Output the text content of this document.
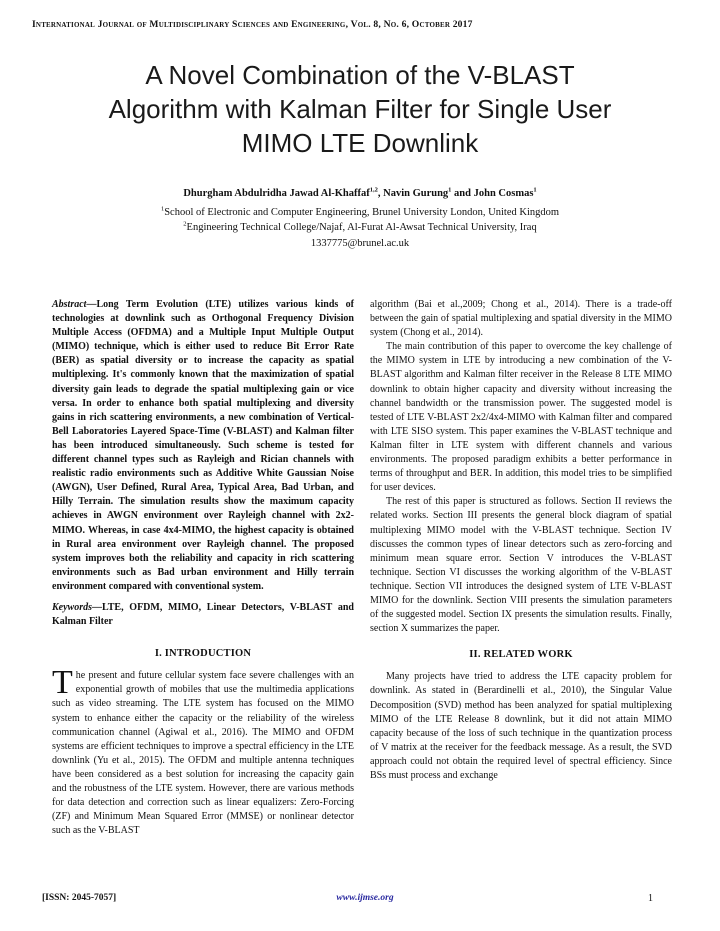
International Journal of Multidisciplinary Sciences and Engineering, Vol. 8, No. 6, October 2017
A Novel Combination of the V-BLAST
Algorithm with Kalman Filter for Single User
MIMO LTE Downlink
Dhurgham Abdulridha Jawad Al-Khaffaf$^{1,2}$, Navin Gurung$^1$ and John Cosmas$^1$
$^1$School of Electronic and Computer Engineering, Brunel University London, United Kingdom
$^2$Engineering Technical College/Najaf, Al-Furat Al-Awsat Technical University, Iraq
1337775@brunel.ac.uk

Abstract—Long Term Evolution (LTE) utilizes various kinds of technologies at downlink such as Orthogonal Frequency Division Multiple Access (OFDMA) and a Multiple Input Multiple Output (MIMO) technique, which is either used to reduce Bit Error Rate (BER) as spatial diversity or to increase the capacity as spatial multiplexing. It's commonly known that the maximization of spatial diversity gain leads to degrade the spatial multiplexing gain or vice versa. In order to enhance both spatial multiplexing and diversity gains in rich scattering environments, a new combination of Vertical-Bell Laboratories Layered Space-Time (V-BLAST) and Kalman filter has been introduced simultaneously. Such scheme is tested for different channel types such as Rayleigh and Rician channels with realistic radio environments such as Additive White Gaussian Noise (AWGN), User Defined, Rural Area, Typical Area, Bad Urban, and Hilly Terrain. The simulation results show the maximum capacity achieves in AWGN environment over Rayleigh channel with 2x2-MIMO. Whereas, in case 4x4-MIMO, the highest capacity is obtained in Rural area environment over Rayleigh channel. The proposed system improves both the reliability and capacity in rich scattering environments such as Bad urban environment and Hilly terrain environment compared with conventional system.

Keywords—LTE, OFDM, MIMO, Linear Detectors, V-BLAST and Kalman Filter

I. INTRODUCTION

The present and future cellular system face severe challenges with an exponential growth of mobiles that use the multimedia applications such as video streaming. The LTE system has focused on the MIMO system to enhance either the capacity or the reliability of the wireless communication channel (Agiwal et al., 2016). The MIMO and OFDM systems are efficient techniques to improve a spectral efficiency in the LTE downlink (Yu et al., 2015). The OFDM and multiple antenna techniques have been considered as a best solution for increasing the capacity gain and the robustness of the LTE system. However, there are various methods for data detection and correction such as linear equalizers: Zero-Forcing (ZF) and Minimum Mean Squared Error (MMSE) or nonlinear detector such as the V-BLAST

algorithm (Bai et al.,2009; Chong et al., 2014). There is a trade-off between the gain of spatial multiplexing and spatial diversity in the MIMO system (Chong et al., 2014).

The main contribution of this paper to overcome the key challenge of the MIMO system in LTE by introducing a new combination of the V-BLAST algorithm and Kalman filter receiver in the Release 8 LTE MIMO downlink to obtain higher capacity and diversity without increasing the channel bandwidth or the transmission power. The suggested model is tested of LTE V-BLAST 2x2/4x4-MIMO with Kalman filter and compared with LTE SISO system. This paper examines the V-BLAST technique and Kalman filter in LTE system with different channels and various environments. The proposed paradigm exhibits a better performance in terms of throughput and BER. In addition, this model tries to be simplified for user devices.

The rest of this paper is structured as follows. Section II reviews the related works. Section III presents the general block diagram of spatial multiplexing MIMO model with the V-BLAST technique. Section IV discusses the common types of linear detectors such as zero-forcing and minimum mean square error. Section V introduces the V-BLAST technique. Section VI discusses the working algorithm of the V-BLAST technique. Section VII introduces the designed system of LTE V-BLAST MIMO for the downlink. Section VIII presents the simulation parameters of the suggested model. Section IX presents the simulation results. Finally, section X summarizes the paper.

II. RELATED WORK

Many projects have tried to address the LTE capacity problem for downlink. As stated in (Berardinelli et al., 2010), the Singular Value Decomposition (SVD) method has been analyzed for spatial multiplexing MIMO of the LTE Release 8 downlink, but it did not attain MIMO capacity because of the loss of such technique in the quantization process of V matrix at the receiver for the feedback message. As a result, the SVD approach could not obtain the required level of spectral efficiency. Since BSs must process and exchange

[ISSN: 2045-7057]	www.ijmse.org	1
